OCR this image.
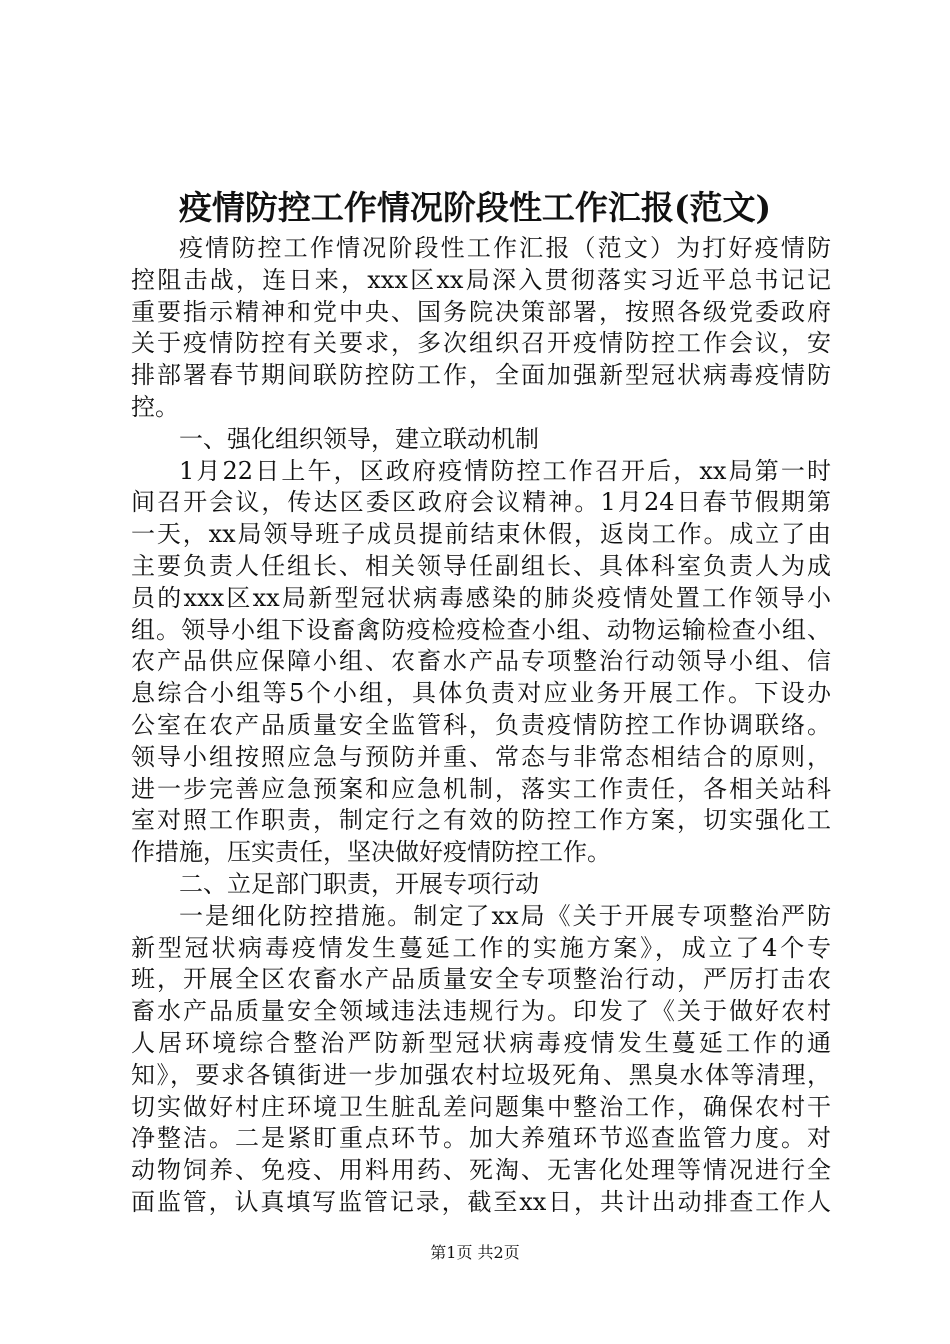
疫情防控工作情况阶段性工作汇报(范文)
疫情防控工作情况阶段性工作汇报（范文）为打好疫情防
控阻击战，连日来，xxx区xx局深入贯彻落实习近平总书记记
重要指示精神和党中央、国务院决策部署，按照各级党委政府
关于疫情防控有关要求，多次组织召开疫情防控工作会议，安
排部署春节期间联防控防工作，全面加强新型冠状病毒疫情防
控。
一、强化组织领导，建立联动机制
1月22日上午，区政府疫情防控工作召开后，xx局第一时
间召开会议，传达区委区政府会议精神。1月24日春节假期第
一天，xx局领导班子成员提前结束休假，返岗工作。成立了由
主要负责人任组长、相关领导任副组长、具体科室负责人为成
员的xxx区xx局新型冠状病毒感染的肺炎疫情处置工作领导小
组。领导小组下设畜禽防疫检疫检查小组、动物运输检查小组、
农产品供应保障小组、农畜水产品专项整治行动领导小组、信
息综合小组等5个小组，具体负责对应业务开展工作。下设办
公室在农产品质量安全监管科，负责疫情防控工作协调联络。
领导小组按照应急与预防并重、常态与非常态相结合的原则，
进一步完善应急预案和应急机制，落实工作责任，各相关站科
室对照工作职责，制定行之有效的防控工作方案，切实强化工
作措施，压实责任，坚决做好疫情防控工作。
二、立足部门职责，开展专项行动
一是细化防控措施。制定了xx局《关于开展专项整治严防
新型冠状病毒疫情发生蔓延工作的实施方案》，成立了4个专
班，开展全区农畜水产品质量安全专项整治行动，严厉打击农
畜水产品质量安全领域违法违规行为。印发了《关于做好农村
人居环境综合整治严防新型冠状病毒疫情发生蔓延工作的通
知》，要求各镇街进一步加强农村垃圾死角、黑臭水体等清理，
切实做好村庄环境卫生脏乱差问题集中整治工作，确保农村干
净整洁。二是紧盯重点环节。加大养殖环节巡查监管力度。对
动物饲养、免疫、用料用药、死淘、无害化处理等情况进行全
面监管，认真填写监管记录，截至xx日，共计出动排查工作人
第1页 共2页
